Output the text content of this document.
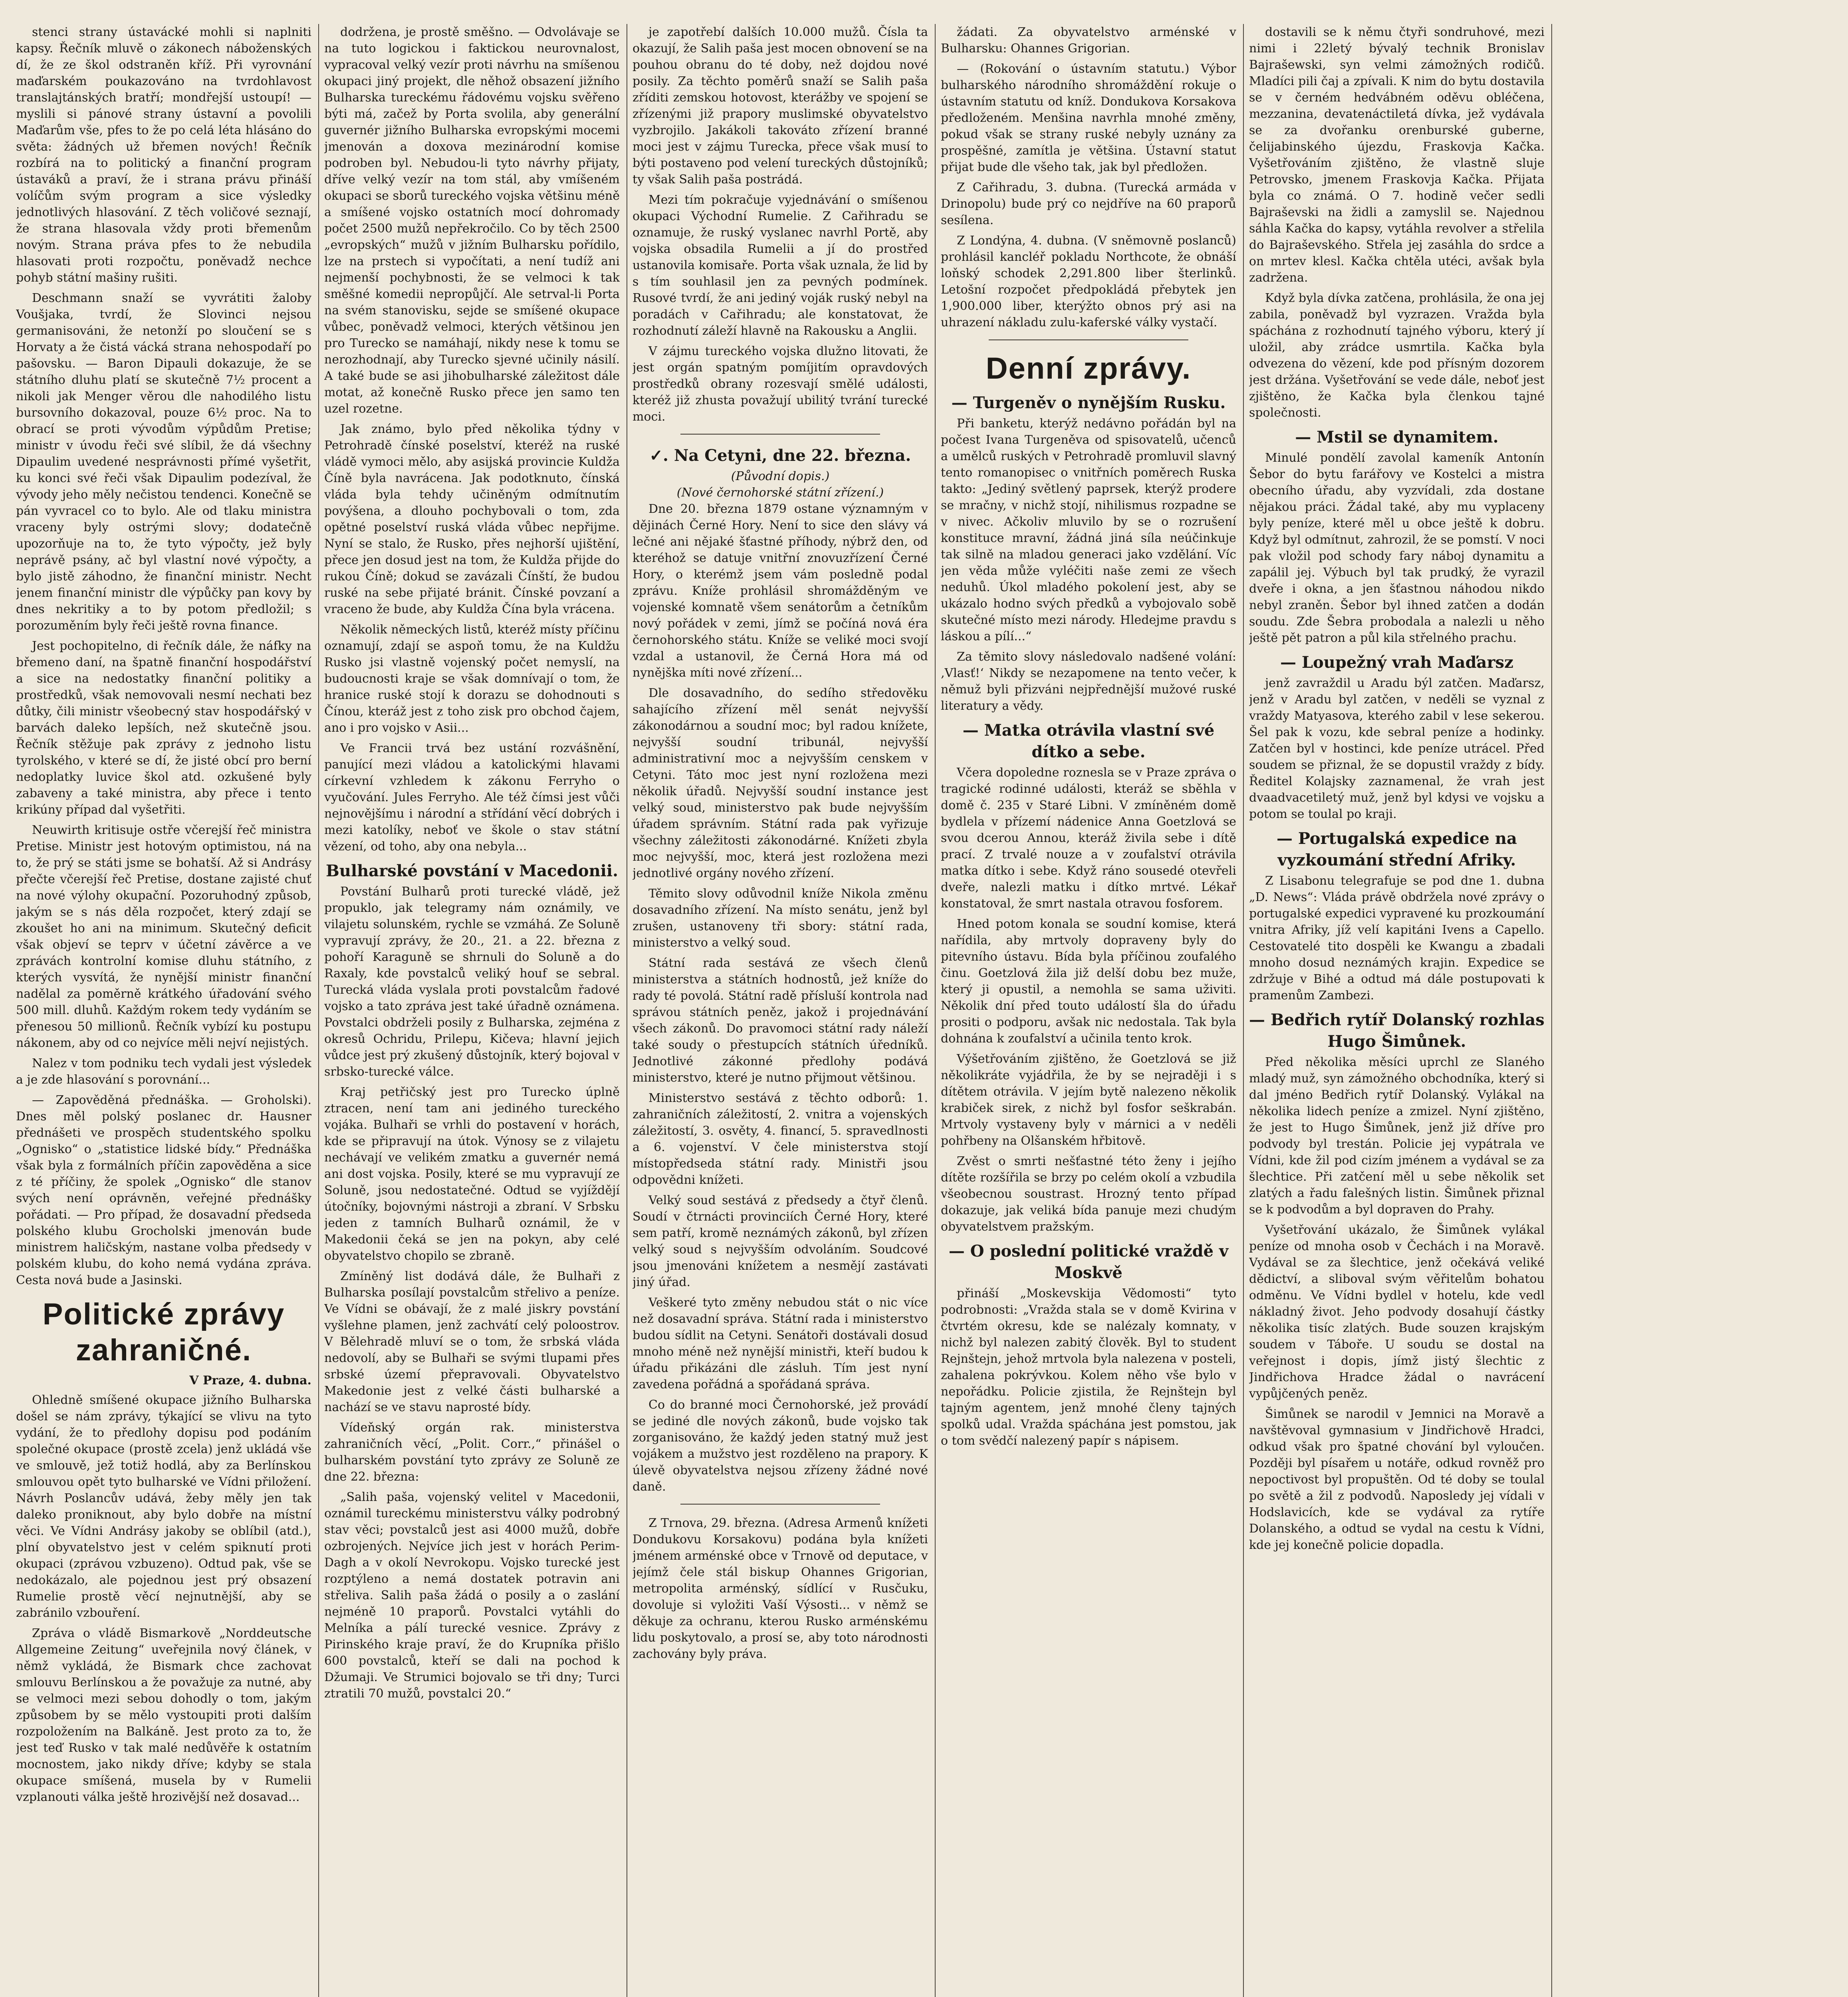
stenci strany ústavácké mohli si naplniti kapsy. Řečník mluvě o zákonech náboženských dí, že ze škol odstraněn kříž. Při vyrovnání maďarském poukazováno na tvrdohlavost translajtánských bratří; mondřejší ustoupí! — myslili si pánové strany ústavní a povolili Maďarům vše, pfes to že po celá léta hlásáno do světa: žádných už břemen nových! Řečník rozbírá na to politický a finanční program ústaváků a praví, že i strana právu přináší volíčům svým program a sice výsledky jednotlivých hlasování. Z těch voličové seznají, že strana hlasovala vždy proti břemenům novým. Strana práva pfes to že nebudila hlasovati proti rozpočtu, poněvadž nechce pohyb státní mašiny rušiti.

Deschmann snaží se vyvrátiti žaloby Voušjaka, tvrdí, že Slovinci nejsou germanisováni, že netonží po sloučení se s Horvaty a že čistá vácká strana nehospodaří po pašovsku. — Baron Dipauli dokazuje, že se státního dluhu platí se skutečně 7½ procent a nikoli jak Menger věrou dle nahodilého listu bursovního dokazoval, pouze 6½ proc. Na to obrací se proti vývodům výpůdům Pretise; ministr v úvodu řeči své slíbil, že dá všechny Dipaulim uvedené nesprávnosti přímé vyšetřit, ku konci své řeči však Dipaulim podezíval, že vývody jeho měly nečistou tendenci. Konečně se pán vyvracel co to bylo. Ale od tlaku ministra vraceny byly ostrými slovy; dodatečně upozorňuje na to, že tyto výpočty, jež byly neprávě psány, ač byl vlastní nové výpočty, a bylo jistě záhodno, že finanční ministr. Necht jenem finanční ministr dle výpůčky pan kovy by dnes nekritiky a to by potom předložil; s porozuměním byly řeči ještě rovna finance.

Jest pochopitelno, di řečník dále, že náfky na břemeno daní, na špatně finanční hospodářství a sice na nedostatky finanční politiky a prostředků, však nemovovali nesmí nechati bez důtky, čili ministr všeobecný stav hospodářský v barvách daleko lepších, než skutečně jsou. Řečník stěžuje pak zprávy z jednoho listu tyrolského, v které se dí, že jisté obcí pro berní nedoplatky luvice škol atd. ozkušené byly zabaveny a také ministra, aby přece i tento krikúny případ dal vyšetřiti.

Neuwirth kritisuje ostře včerejší řeč ministra Pretise. Ministr jest hotovým optimistou, ná na to, že prý se státi jsme se bohatší. Až si Andrásy přečte včerejší řeč Pretise, dostane zajisté chuť na nové výlohy okupační. Pozoruhodný způsob, jakým se s nás děla rozpočet, který zdají se zkoušet ho ani na minimum. Skutečný deficit však objeví se teprv v účetní závěrce a ve zprávách kontrolní komise dluhu státního, z kterých vysvítá, že nynější ministr finanční nadělal za poměrně krátkého úřadování svého 500 mill. dluhů. Každým rokem tedy vydáním se přenesou 50 millionů. Řečník vybízí ku postupu nákonem, aby od co nejvíce měli nejví nejistých.

Nalez v tom podniku tech vydali jest výsledek a je zde hlasování s porovnání...

— Zapověděná přednáška. — Groholski). Dnes měl polský poslanec dr. Hausner přednášeti ve prospěch studentského spolku „Ognisko“ o „statistice lidské bídy.“ Přednáška však byla z formálních příčin zapověděna a sice z té příčiny, že spolek „Ognisko“ dle stanov svých není oprávněn, veřejné přednášky pořádati. — Pro případ, že dosavadní předseda polského klubu Grocholski jmenován bude ministrem haličským, nastane volba předsedy v polském klubu, do koho nemá vydána zpráva. Cesta nová bude a Jasinski.

Politické zprávy zahraničné.
V Praze, 4. dubna.

Ohledně smíšené okupace jižního Bulharska došel se nám zprávy, týkající se vlivu na tyto vydání, že to předlohy dopisu pod podáním společné okupace (prostě zcela) jenž ukládá vše ve smlouvě, jež totiž hodlá, aby za Berlínskou smlouvou opět tyto bulharské ve Vídni přiložení. Návrh Poslancův udává, žeby měly jen tak daleko proniknout, aby bylo dobře na místní věci. Ve Vídni Andrásy jakoby se oblíbil (atd.), plní obyvatelstvo jest v celém spiknutí proti okupaci (zprávou vzbuzeno). Odtud pak, vše se nedokázalo, ale pojednou jest prý obsazení Rumelie prostě věcí nejnutnější, aby se zabránilo vzbouření.

Zpráva o vládě Bismarkově „Norddeutsche Allgemeine Zeitung“ uveřejnila nový článek, v němž vykládá, že Bismark chce zachovat smlouvu Berlínskou a že považuje za nutné, aby se velmoci mezi sebou dohodly o tom, jakým způsobem by se mělo vystoupiti proti dalším rozpoložením na Balkáně. Jest proto za to, že jest teď Rusko v tak malé nedůvěře k ostatním mocnostem, jako nikdy dříve; kdyby se stala okupace smíšená, musela by v Rumelii vzplanouti válka ještě hrozivější než dosavad...

dodržena, je prostě směšno. — Odvolávaje se na tuto logickou i faktickou neurovnalost, vypracoval velký vezír proti návrhu na smíšenou okupaci jiný projekt, dle něhož obsazení jižního Bulharska tureckému řádovému vojsku svěřeno býti má, začež by Porta svolila, aby generální guvernér jižního Bulharska evropskými mocemi jmenován a doxova mezinárodní komise podroben byl. Nebudou-li tyto návrhy přijaty, dříve velký vezír na tom stál, aby vmíšeném okupaci se sborů tureckého vojska většinu méně a smíšené vojsko ostatních mocí dohromady počet 2500 mužů nepřekročilo. Co by těch 2500 „evropských“ mužů v jižním Bulharsku pořídilo, lze na prstech si vypočítati, a není tudíž ani nejmenší pochybnosti, že se velmoci k tak směšné komedii nepropůjčí. Ale setrval-li Porta na svém stanovisku, sejde se smíšené okupace vůbec, poněvadž velmoci, kterých většinou jen pro Turecko se namáhají, nikdy nese k tomu se nerozhodnají, aby Turecko sjevné učinily násilí. A také bude se asi jihobulharské záležitost dále motat, až konečně Rusko přece jen samo ten uzel rozetne.

Jak známo, bylo před několika týdny v Petrohradě čínské poselství, kteréž na ruské vládě vymoci mělo, aby asijská provincie Kuldža Číně byla navrácena. Jak podotknuto, čínská vláda byla tehdy učiněným odmítnutím povýšena, a dlouho pochybovali o tom, zda opětné poselství ruská vláda vůbec nepřijme. Nyní se stalo, že Rusko, přes nejhorší ujištění, přece jen dosud jest na tom, že Kuldža přijde do rukou Číně; dokud se zavázali Čínští, že budou ruské na sebe přijaté bránit. Čínské povzaní a vraceno že bude, aby Kuldža Čína byla vrácena.

Několik německých listů, kteréž místy příčinu oznamují, zdají se aspoň tomu, že na Kuldžu Rusko jsi vlastně vojenský počet nemyslí, na budoucnosti kraje se však domnívají o tom, že hranice ruské stojí k dorazu se dohodnouti s Čínou, kteráž jest z toho zisk pro obchod čajem, ano i pro vojsko v Asii...

Ve Francii trvá bez ustání rozvášnění, panující mezi vládou a katolickými hlavami církevní vzhledem k zákonu Ferryho o vyučování. Jules Ferryho. Ale též čímsi jest vůči nejnovějšímu i národní a střídání věcí dobrých i mezi katolíky, neboť ve škole o stav státní vězení, od toho, aby ona nebyla...

Bulharské povstání v Macedonii.

Povstání Bulharů proti turecké vládě, jež propuklo, jak telegramy nám oznámily, ve vilajetu solunském, rychle se vzmáhá. Ze Soluně vypravují zprávy, že 20., 21. a 22. března z pohoří Karaguně se shrnuli do Soluně a do Raxaly, kde povstalců veliký houf se sebral. Turecká vláda vyslala proti povstalcům řadové vojsko a tato zpráva jest také úřadně oznámena. Povstalci obdrželi posily z Bulharska, zejména z okresů Ochridu, Prilepu, Kičeva; hlavní jejich vůdce jest prý zkušený důstojník, který bojoval v srbsko-turecké válce.

Kraj petřičský jest pro Turecko úplně ztracen, není tam ani jediného tureckého vojáka. Bulhaři se vrhli do postavení v horách, kde se připravují na útok. Výnosy se z vilajetu nechávají ve velikém zmatku a guvernér nemá ani dost vojska. Posily, které se mu vypravují ze Soluně, jsou nedostatečné. Odtud se vyjíždějí útočníky, bojovnými nástroji a zbraní. V Srbsku jeden z tamních Bulharů oznámil, že v Makedonii čeká se jen na pokyn, aby celé obyvatelstvo chopilo se zbraně.

Zmíněný list dodává dále, že Bulhaři z Bulharska posílají povstalcům střelivo a peníze. Ve Vídni se obávají, že z malé jiskry povstání vyšlehne plamen, jenž zachvátí celý poloostrov. V Bělehradě mluví se o tom, že srbská vláda nedovolí, aby se Bulhaři se svými tlupami přes srbské území přepravovali. Obyvatelstvo Makedonie jest z velké části bulharské a nachází se ve stavu naprosté bídy.

Vídeňský orgán rak. ministerstva zahraničních věcí, „Polit. Corr.,“ přinášel o bulharském povstání tyto zprávy ze Soluně ze dne 22. března:

„Salih paša, vojenský velitel v Macedonii, oznámil tureckému ministerstvu války podrobný stav věci; povstalců jest asi 4000 mužů, dobře ozbrojených. Nejvíce jich jest v horách Perim-Dagh a v okolí Nevrokopu. Vojsko turecké jest rozptýleno a nemá dostatek potravin ani střeliva. Salih paša žádá o posily a o zaslání nejméně 10 praporů. Povstalci vytáhli do Melníka a pálí turecké vesnice. Zprávy z Pirinského kraje praví, že do Krupníka přišlo 600 povstalců, kteří se dali na pochod k Džumaji. Ve Strumici bojovalo se tři dny; Turci ztratili 70 mužů, povstalci 20.“

je zapotřebí dalších 10.000 mužů. Čísla ta okazují, že Salih paša jest mocen obnovení se na pouhou obranu do té doby, než dojdou nové posily. Za těchto poměrů snaží se Salih paša zříditi zemskou hotovost, kterážby ve spojení se zřízenými již prapory muslimské obyvatelstvo vyzbrojilo. Jakákoli takováto zřízení branné moci jest v zájmu Turecka, přece však musí to býti postaveno pod velení tureckých důstojníků; ty však Salih paša postrádá.

Mezi tím pokračuje vyjednávání o smíšenou okupaci Východní Rumelie. Z Cařihradu se oznamuje, že ruský vyslanec navrhl Portě, aby vojska obsadila Rumelii a jí do prostřed ustanovila komisaře. Porta však uznala, že lid by s tím souhlasil jen za pevných podmínek. Rusové tvrdí, že ani jediný voják ruský nebyl na poradách v Cařihradu; ale konstatovat, že rozhodnutí záleží hlavně na Rakousku a Anglii.

V zájmu tureckého vojska dlužno litovati, že jest orgán spatným pomíjitím opravdových prostředků obrany rozesvají smělé události, kteréž již zhusta považují ubilitý tvrání turecké moci.

✓. Na Cetyni, dne 22. března.
(Původní dopis.)
(Nové černohorské státní zřízení.)

Dne 20. března 1879 ostane významným v dějinách Černé Hory. Není to sice den slávy vá lečné ani nějaké šťastné příhody, nýbrž den, od kteréhož se datuje vnitřní znovuzřízení Černé Hory, o kterémž jsem vám posledně podal zprávu. Kníže prohlásil shromážděným ve vojenské komnatě všem senátorům a četníkům nový pořádek v zemi, jímž se počíná nová éra černohorského státu. Kníže se veliké moci svojí vzdal a ustanovil, že Černá Hora má od nynějška míti nové zřízení...

Dle dosavadního, do sedího středověku sahajícího zřízení měl senát nejvyšší zákonodárnou a soudní moc; byl radou knížete, nejvyšší soudní tribunál, nejvyšší administrativní moc a nejvyšším censkem v Cetyni. Táto moc jest nyní rozložena mezi několik úřadů. Nejvyšší soudní instance jest velký soud, ministerstvo pak bude nejvyšším úřadem správním. Státní rada pak vyřizuje všechny záležitosti zákonodárné. Knížeti zbyla moc nejvyšší, moc, která jest rozložena mezi jednotlivé orgány nového zřízení.

Těmito slovy odůvodnil kníže Nikola změnu dosavadního zřízení. Na místo senátu, jenž byl zrušen, ustanoveny tři sbory: státní rada, ministerstvo a velký soud.

Státní rada sestává ze všech členů ministerstva a státních hodnostů, jež kníže do rady té povolá. Státní radě přísluší kontrola nad správou státních peněz, jakož i projednávání všech zákonů. Do pravomoci státní rady náleží také soudy o přestupcích státních úředníků. Jednotlivé zákonné předlohy podává ministerstvo, které je nutno přijmout většinou.

Ministerstvo sestává z těchto odborů: 1. zahraničních záležitostí, 2. vnitra a vojenských záležitostí, 3. osvěty, 4. financí, 5. spravedlnosti a 6. vojenství. V čele ministerstva stojí místopředseda státní rady. Ministři jsou odpovědni knížeti.

Velký soud sestává z předsedy a čtyř členů. Soudí v čtrnácti provinciích Černé Hory, které sem patří, kromě neznámých zákonů, byl zřízen velký soud s nejvyšším odvoláním. Soudcové jsou jmenováni knížetem a nesmějí zastávati jiný úřad.

Veškeré tyto změny nebudou stát o nic více než dosavadní správa. Státní rada i ministerstvo budou sídlit na Cetyni. Senátoři dostávali dosud mnoho méně než nynější ministři, kteří budou k úřadu přikázáni dle zásluh. Tím jest nyní zavedena pořádná a spořádaná správa.

Co do branné moci Černohorské, jež provádí se jediné dle nových zákonů, bude vojsko tak zorganisováno, že každý jeden statný muž jest vojákem a mužstvo jest rozděleno na prapory. K úlevě obyvatelstva nejsou zřízeny žádné nové daně.

Z Trnova, 29. března. (Adresa Armenů knížeti Dondukovu Korsakovu) podána byla knížeti jménem arménské obce v Trnově od deputace, v jejímž čele stál biskup Ohannes Grigorian, metropolita arménský, sídlící v Rusčuku, dovoluje si vyložiti Vaší Výsosti... v němž se děkuje za ochranu, kterou Rusko arménskému lidu poskytovalo, a prosí se, aby toto národnosti zachovány byly práva.

žádati. Za obyvatelstvo arménské v Bulharsku: Ohannes Grigorian.

— (Rokování o ústavním statutu.) Výbor bulharského národního shromáždění rokuje o ústavním statutu od kníž. Dondukova Korsakova předloženém. Menšina navrhla mnohé změny, pokud však se strany ruské nebyly uznány za prospěšné, zamítla je většina. Ústavní statut přijat bude dle všeho tak, jak byl předložen.

Z Cařihradu, 3. dubna. (Turecká armáda v Drinopolu) bude prý co nejdříve na 60 praporů sesílena.

Z Londýna, 4. dubna. (V sněmovně poslanců) prohlásil kancléř pokladu Northcote, že obnáší loňský schodek 2,291.800 liber šterlinků. Letošní rozpočet předpokládá přebytek jen 1,900.000 liber, kterýžto obnos prý asi na uhrazení nákladu zulu-kaferské války vystačí.

Denní zprávy.
— Turgeněv o nynějším Rusku.

Při banketu, kterýž nedávno pořádán byl na počest Ivana Turgeněva od spisovatelů, učenců a umělců ruských v Petrohradě promluvil slavný tento romanopisec o vnitřních poměrech Ruska takto: „Jediný světlený paprsek, kterýž prodere se mračny, v nichž stojí, nihilismus rozpadne se v nivec. Ačkoliv mluvilo by se o rozrušení konstituce mravní, žádná jiná síla neúčinkuje tak silně na mladou generaci jako vzdělání. Víc jen věda může vyléčiti naše zemi ze všech neduhů. Úkol mladého pokolení jest, aby se ukázalo hodno svých předků a vybojovalo sobě skutečné místo mezi národy. Hledejme pravdu s láskou a pílí...“

Za těmito slovy následovalo nadšené volání: ‚Vlasť!‘ Nikdy se nezapomene na tento večer, k němuž byli přizváni nejpřednější mužové ruské literatury a vědy.

— Matka otrávila vlastní své dítko a sebe.

Včera dopoledne roznesla se v Praze zpráva o tragické rodinné události, kteráž se sběhla v domě č. 235 v Staré Libni. V zmíněném domě bydlela v přízemí nádenice Anna Goetzlová se svou dcerou Annou, kteráž živila sebe i dítě prací. Z trvalé nouze a v zoufalství otrávila matka dítko i sebe. Když ráno sousedé otevřeli dveře, nalezli matku i dítko mrtvé. Lékař konstatoval, že smrt nastala otravou fosforem.

Hned potom konala se soudní komise, která nařídila, aby mrtvoly dopraveny byly do pitevního ústavu. Bída byla příčinou zoufalého činu. Goetzlová žila již delší dobu bez muže, který ji opustil, a nemohla se sama uživiti. Několik dní před touto událostí šla do úřadu prositi o podporu, avšak nic nedostala. Tak byla dohnána k zoufalství a učinila tento krok.

Výšetřováním zjištěno, že Goetzlová se již několikráte vyjádřila, že by se nejraději i s dítětem otrávila. V jejím bytě nalezeno několik krabiček sirek, z nichž byl fosfor seškrabán. Mrtvoly vystaveny byly v márnici a v neděli pohřbeny na Olšanském hřbitově.

Zvěst o smrti nešťastné této ženy i jejího dítěte rozšířila se brzy po celém okolí a vzbudila všeobecnou soustrast. Hrozný tento případ dokazuje, jak veliká bída panuje mezi chudým obyvatelstvem pražským.

— O poslední politické vraždě v Moskvě

přináší „Moskevskija Vědomosti“ tyto podrobnosti: „Vražda stala se v domě Kvirina v čtvrtém okresu, kde se nalézaly komnaty, v nichž byl nalezen zabitý člověk. Byl to student Rejnštejn, jehož mrtvola byla nalezena v posteli, zahalena pokrývkou. Kolem něho vše bylo v nepořádku. Policie zjistila, že Rejnštejn byl tajným agentem, jenž mnohé členy tajných spolků udal. Vražda spáchána jest pomstou, jak o tom svědčí nalezený papír s nápisem.

dostavili se k němu čtyři sondruhové, mezi nimi i 22letý bývalý technik Bronislav Bajrašewski, syn velmi zámožných rodičů. Mladíci pili čaj a zpívali. K nim do bytu dostavila se v černém hedvábném oděvu obléčena, mezzanina, devatenáctiletá dívka, jež vydávala se za dvořanku orenburské guberne, čelijabinského újezdu, Fraskovja Kačka. Vyšetřováním zjištěno, že vlastně sluje Petrovsko, jmenem Fraskovja Kačka. Přijata byla co známá. O 7. hodině večer sedli Bajraševski na židli a zamyslil se. Najednou sáhla Kačka do kapsy, vytáhla revolver a střelila do Bajraševského. Střela jej zasáhla do srdce a on mrtev klesl. Kačka chtěla utéci, avšak byla zadržena.

Když byla dívka zatčena, prohlásila, že ona jej zabila, poněvadž byl vyzrazen. Vražda byla spáchána z rozhodnutí tajného výboru, který jí uložil, aby zrádce usmrtila. Kačka byla odvezena do vězení, kde pod přísným dozorem jest držána. Vyšetřování se vede dále, neboť jest zjištěno, že Kačka byla členkou tajné společnosti.

— Mstil se dynamitem.

Minulé pondělí zavolal kameník Antonín Šebor do bytu farářovy ve Kostelci a mistra obecního úřadu, aby vyzvídali, zda dostane nějakou práci. Žádal také, aby mu vyplaceny byly peníze, které měl u obce ještě k dobru. Když byl odmítnut, zahrozil, že se pomstí. V noci pak vložil pod schody fary náboj dynamitu a zapálil jej. Výbuch byl tak prudký, že vyrazil dveře i okna, a jen šťastnou náhodou nikdo nebyl zraněn. Šebor byl ihned zatčen a dodán soudu. Zde Šebra probodala a nalezli u něho ještě pět patron a půl kila střelného prachu.

— Loupežný vrah Maďarsz

jenž zavraždil u Aradu býl zatčen. Maďarsz, jenž v Aradu byl zatčen, v neděli se vyznal z vraždy Matyasova, kterého zabil v lese sekerou. Šel pak k vozu, kde sebral peníze a hodinky. Zatčen byl v hostinci, kde peníze utrácel. Před soudem se přiznal, že se dopustil vraždy z bídy. Ředitel Kolajsky zaznamenal, že vrah jest dvaadvacetiletý muž, jenž byl kdysi ve vojsku a potom se toulal po kraji.

— Portugalská expedice na vyzkoumání střední Afriky.

Z Lisabonu telegrafuje se pod dne 1. dubna „D. News“: Vláda právě obdržela nové zprávy o portugalské expedici vypravené ku prozkoumání vnitra Afriky, jíž velí kapitáni Ivens a Capello. Cestovatelé tito dospěli ke Kwangu a zbadali mnoho dosud neznámých krajin. Expedice se zdržuje v Bihé a odtud má dále postupovati k pramenům Zambezi.

— Bedřich rytíř Dolanský rozhlas Hugo Šimůnek.

Před několika měsíci uprchl ze Slaného mladý muž, syn zámožného obchodníka, který si dal jméno Bedřich rytíř Dolanský. Vylákal na několika lidech peníze a zmizel. Nyní zjištěno, že jest to Hugo Šimůnek, jenž již dříve pro podvody byl trestán. Policie jej vypátrala ve Vídni, kde žil pod cizím jménem a vydával se za šlechtice. Při zatčení měl u sebe několik set zlatých a řadu falešných listin. Šimůnek přiznal se k podvodům a byl dopraven do Prahy.

Vyšetřování ukázalo, že Šimůnek vylákal peníze od mnoha osob v Čechách i na Moravě. Vydával se za šlechtice, jenž očekává veliké dědictví, a sliboval svým věřitelům bohatou odměnu. Ve Vídni bydlel v hotelu, kde vedl nákladný život. Jeho podvody dosahují částky několika tisíc zlatých. Bude souzen krajským soudem v Táboře. U soudu se dostal na veřejnost i dopis, jímž jistý šlechtic z Jindřichova Hradce žádal o navrácení vypůjčených peněz.

Šimůnek se narodil v Jemnici na Moravě a navštěvoval gymnasium v Jindřichově Hradci, odkud však pro špatné chování byl vyloučen. Později byl písařem u notáře, odkud rovněž pro nepoctivost byl propuštěn. Od té doby se toulal po světě a žil z podvodů. Naposledy jej vídali v Hodslavicích, kde se vydával za rytíře Dolanského, a odtud se vydal na cestu k Vídni, kde jej konečně policie dopadla.
